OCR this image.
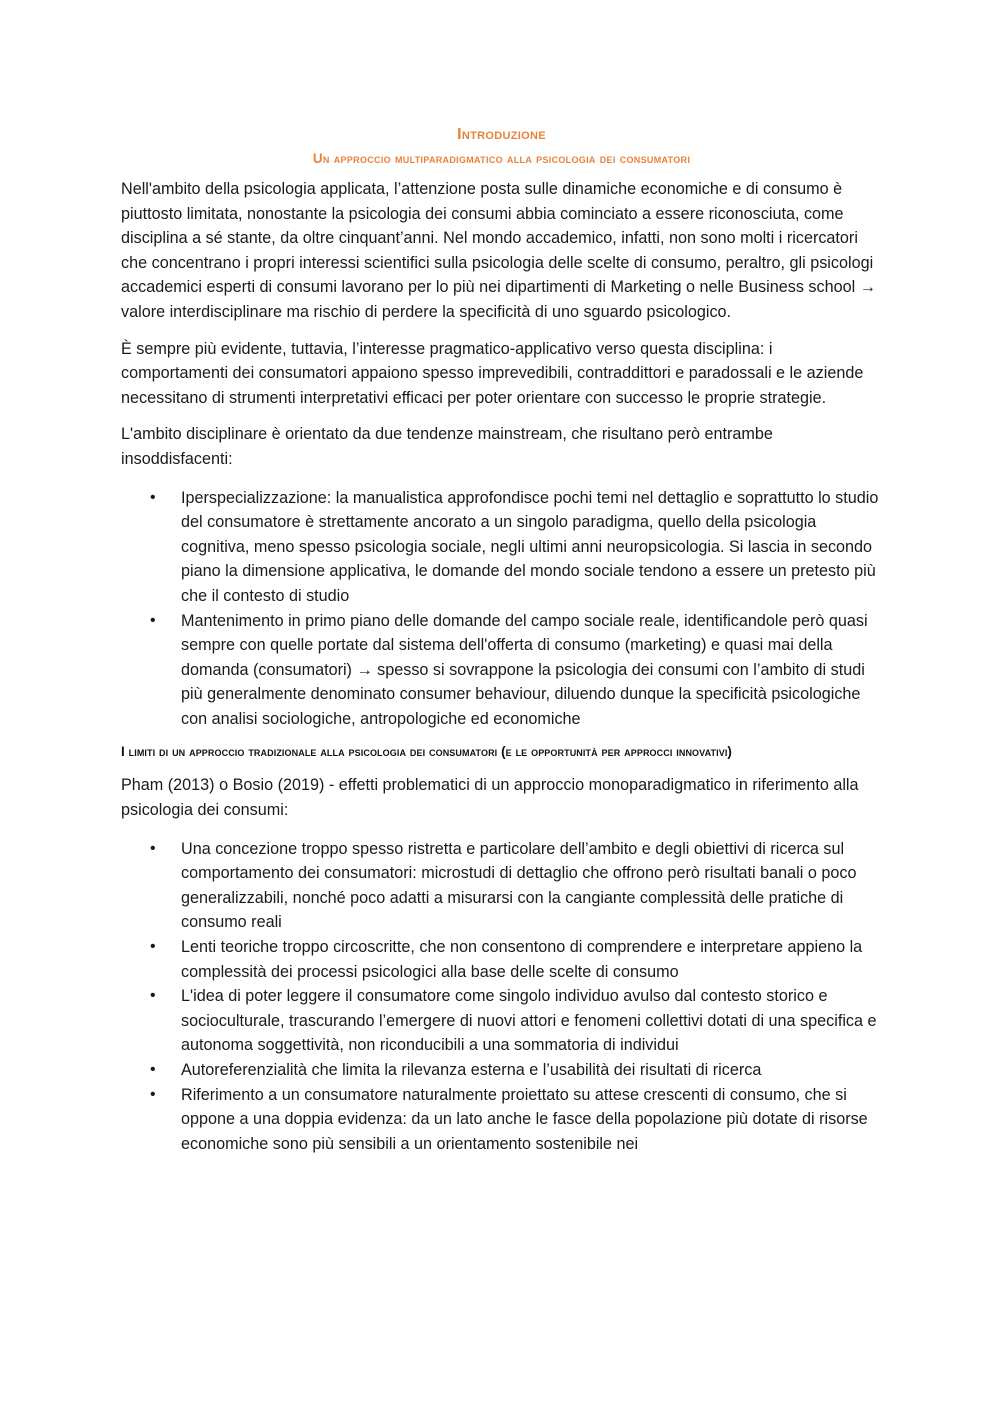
Introduzione
Un approccio multiparadigmatico alla psicologia dei consumatori

Nell'ambito della psicologia applicata, l’attenzione posta sulle dinamiche economiche e di consumo è piuttosto limitata, nonostante la psicologia dei consumi abbia cominciato a essere riconosciuta, come disciplina a sé stante, da oltre cinquant’anni. Nel mondo accademico, infatti, non sono molti i ricercatori che concentrano i propri interessi scientifici sulla psicologia delle scelte di consumo, peraltro, gli psicologi accademici esperti di consumi lavorano per lo più nei dipartimenti di Marketing o nelle Business school → valore interdisciplinare ma rischio di perdere la specificità di uno sguardo psicologico.

È sempre più evidente, tuttavia, l’interesse pragmatico-applicativo verso questa disciplina: i comportamenti dei consumatori appaiono spesso imprevedibili, contraddittori e paradossali e le aziende necessitano di strumenti interpretativi efficaci per poter orientare con successo le proprie strategie.

L'ambito disciplinare è orientato da due tendenze mainstream, che risultano però entrambe insoddisfacenti:

• Iperspecializzazione: la manualistica approfondisce pochi temi nel dettaglio e soprattutto lo studio del consumatore è strettamente ancorato a un singolo paradigma, quello della psicologia cognitiva, meno spesso psicologia sociale, negli ultimi anni neuropsicologia. Si lascia in secondo piano la dimensione applicativa, le domande del mondo sociale tendono a essere un pretesto più che il contesto di studio
• Mantenimento in primo piano delle domande del campo sociale reale, identificandole però quasi sempre con quelle portate dal sistema dell'offerta di consumo (marketing) e quasi mai della domanda (consumatori) → spesso si sovrappone la psicologia dei consumi con l’ambito di studi più generalmente denominato consumer behaviour, diluendo dunque la specificità psicologiche con analisi sociologiche, antropologiche ed economiche
I limiti di un approccio tradizionale alla psicologia dei consumatori (e le opportunità per approcci innovativi)

Pham (2013) o Bosio (2019) - effetti problematici di un approccio monoparadigmatico in riferimento alla psicologia dei consumi:

• Una concezione troppo spesso ristretta e particolare dell’ambito e degli obiettivi di ricerca sul comportamento dei consumatori: microstudi di dettaglio che offrono però risultati banali o poco generalizzabili, nonché poco adatti a misurarsi con la cangiante complessità delle pratiche di consumo reali
• Lenti teoriche troppo circoscritte, che non consentono di comprendere e interpretare appieno la complessità dei processi psicologici alla base delle scelte di consumo
• L'idea di poter leggere il consumatore come singolo individuo avulso dal contesto storico e socioculturale, trascurando l’emergere di nuovi attori e fenomeni collettivi dotati di una specifica e autonoma soggettività, non riconducibili a una sommatoria di individui
• Autoreferenzialità che limita la rilevanza esterna e l’usabilità dei risultati di ricerca
• Riferimento a un consumatore naturalmente proiettato su attese crescenti di consumo, che si oppone a una doppia evidenza: da un lato anche le fasce della popolazione più dotate di risorse economiche sono più sensibili a un orientamento sostenibile nei
